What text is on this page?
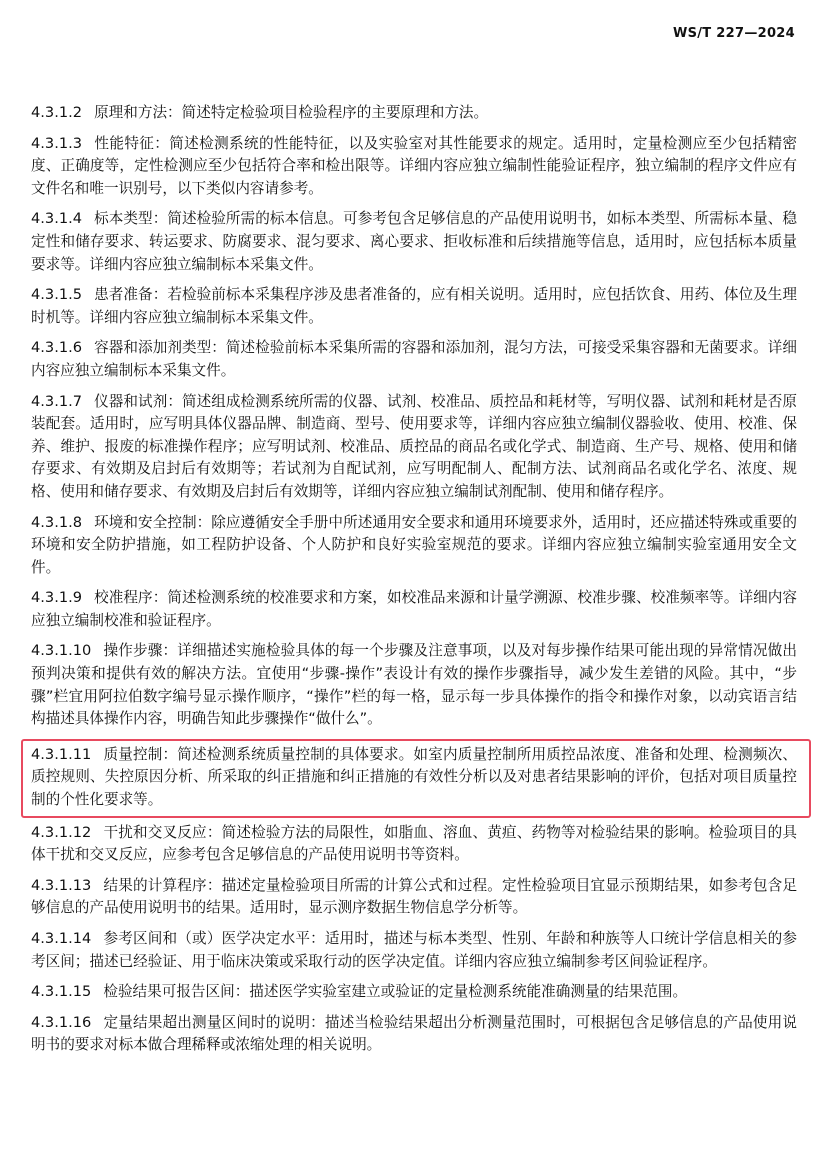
WS/T 227—2024

4.3.1.2 原理和方法：简述特定检验项目检验程序的主要原理和方法。

4.3.1.3 性能特征：简述检测系统的性能特征，以及实验室对其性能要求的规定。适用时，定量检测应至少包括精密度、正确度等，定性检测应至少包括符合率和检出限等。详细内容应独立编制性能验证程序，独立编制的程序文件应有文件名和唯一识别号，以下类似内容请参考。

4.3.1.4 标本类型：简述检验所需的标本信息。可参考包含足够信息的产品使用说明书，如标本类型、所需标本量、稳定性和储存要求、转运要求、防腐要求、混匀要求、离心要求、拒收标准和后续措施等信息，适用时，应包括标本质量要求等。详细内容应独立编制标本采集文件。

4.3.1.5 患者准备：若检验前标本采集程序涉及患者准备的，应有相关说明。适用时，应包括饮食、用药、体位及生理时机等。详细内容应独立编制标本采集文件。

4.3.1.6 容器和添加剂类型：简述检验前标本采集所需的容器和添加剂，混匀方法，可接受采集容器和无菌要求。详细内容应独立编制标本采集文件。

4.3.1.7 仪器和试剂：简述组成检测系统所需的仪器、试剂、校准品、质控品和耗材等，写明仪器、试剂和耗材是否原装配套。适用时，应写明具体仪器品牌、制造商、型号、使用要求等，详细内容应独立编制仪器验收、使用、校准、保养、维护、报废的标准操作程序；应写明试剂、校准品、质控品的商品名或化学式、制造商、生产号、规格、使用和储存要求、有效期及启封后有效期等；若试剂为自配试剂，应写明配制人、配制方法、试剂商品名或化学名、浓度、规格、使用和储存要求、有效期及启封后有效期等，详细内容应独立编制试剂配制、使用和储存程序。

4.3.1.8 环境和安全控制：除应遵循安全手册中所述通用安全要求和通用环境要求外，适用时，还应描述特殊或重要的环境和安全防护措施，如工程防护设备、个人防护和良好实验室规范的要求。详细内容应独立编制实验室通用安全文件。

4.3.1.9 校准程序：简述检测系统的校准要求和方案，如校准品来源和计量学溯源、校准步骤、校准频率等。详细内容应独立编制校准和验证程序。

4.3.1.10 操作步骤：详细描述实施检验具体的每一个步骤及注意事项，以及对每步操作结果可能出现的异常情况做出预判决策和提供有效的解决方法。宜使用“步骤-操作”表设计有效的操作步骤指导，减少发生差错的风险。其中，“步骤”栏宜用阿拉伯数字编号显示操作顺序，“操作”栏的每一格，显示每一步具体操作的指令和操作对象，以动宾语言结构描述具体操作内容，明确告知此步骤操作“做什么”。

4.3.1.11 质量控制：简述检测系统质量控制的具体要求。如室内质量控制所用质控品浓度、准备和处理、检测频次、质控规则、失控原因分析、所采取的纠正措施和纠正措施的有效性分析以及对患者结果影响的评价，包括对项目质量控制的个性化要求等。

4.3.1.12 干扰和交叉反应：简述检验方法的局限性，如脂血、溶血、黄疸、药物等对检验结果的影响。检验项目的具体干扰和交叉反应，应参考包含足够信息的产品使用说明书等资料。

4.3.1.13 结果的计算程序：描述定量检验项目所需的计算公式和过程。定性检验项目宜显示预期结果，如参考包含足够信息的产品使用说明书的结果。适用时，显示测序数据生物信息学分析等。

4.3.1.14 参考区间和（或）医学决定水平：适用时，描述与标本类型、性别、年龄和种族等人口统计学信息相关的参考区间；描述已经验证、用于临床决策或采取行动的医学决定值。详细内容应独立编制参考区间验证程序。

4.3.1.15 检验结果可报告区间：描述医学实验室建立或验证的定量检测系统能准确测量的结果范围。

4.3.1.16 定量结果超出测量区间时的说明：描述当检验结果超出分析测量范围时，可根据包含足够信息的产品使用说明书的要求对标本做合理稀释或浓缩处理的相关说明。
